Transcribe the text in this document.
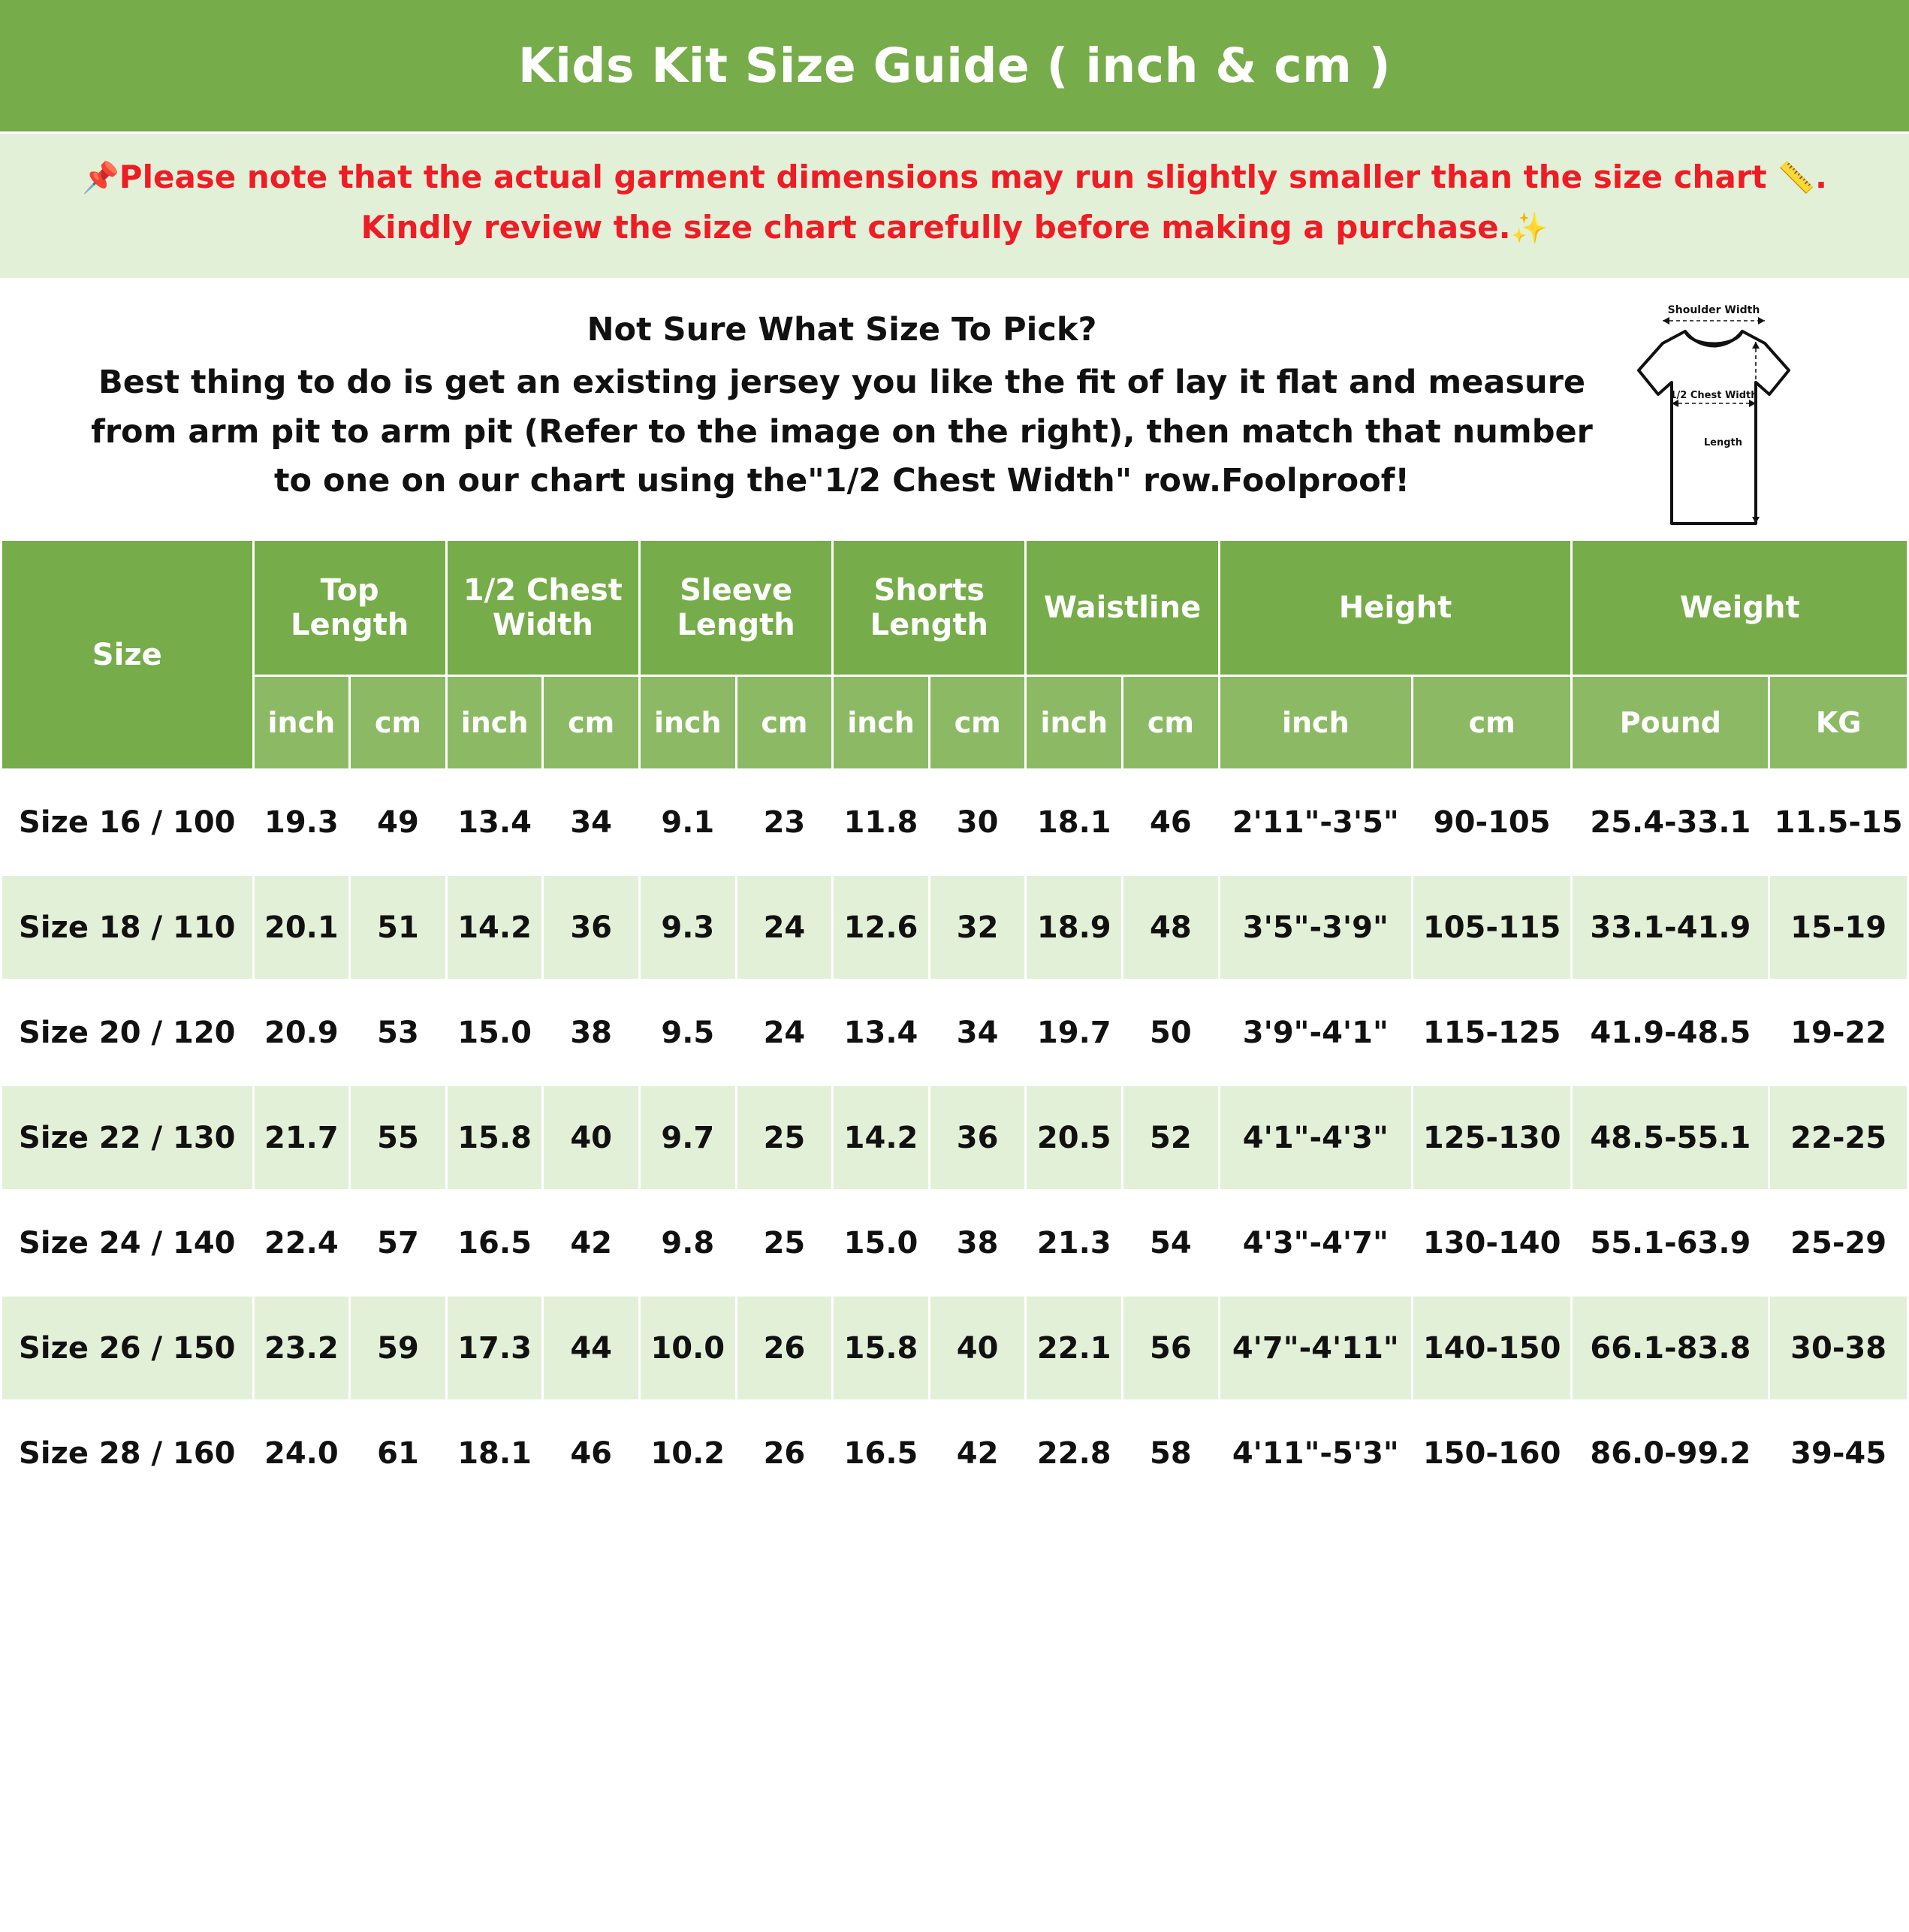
Kids Kit Size Guide ( inch & cm )
📌Please note that the actual garment dimensions may run slightly smaller than the size chart 📏.
Kindly review the size chart carefully before making a purchase.✨
Not Sure What Size To Pick?
Best thing to do is get an existing jersey you like the fit of lay it flat and measure
from arm pit to arm pit (Refer to the image on the right), then match that number
to one on our chart using the"1/2 Chest Width" row.Foolproof!
Shoulder Width
1/2 Chest Width
Length
Size	Top Length		1/2 Chest Width		Sleeve Length		Shorts Length		Waistline		Height		Weight	
	inch	cm	inch	cm	inch	cm	inch	cm	inch	cm	inch	cm	Pound	KG
Size 16 / 100	19.3	49	13.4	34	9.1	23	11.8	30	18.1	46	2'11"-3'5"	90-105	25.4-33.1	11.5-15
Size 18 / 110	20.1	51	14.2	36	9.3	24	12.6	32	18.9	48	3'5"-3'9"	105-115	33.1-41.9	15-19
Size 20 / 120	20.9	53	15.0	38	9.5	24	13.4	34	19.7	50	3'9"-4'1"	115-125	41.9-48.5	19-22
Size 22 / 130	21.7	55	15.8	40	9.7	25	14.2	36	20.5	52	4'1"-4'3"	125-130	48.5-55.1	22-25
Size 24 / 140	22.4	57	16.5	42	9.8	25	15.0	38	21.3	54	4'3"-4'7"	130-140	55.1-63.9	25-29
Size 26 / 150	23.2	59	17.3	44	10.0	26	15.8	40	22.1	56	4'7"-4'11"	140-150	66.1-83.8	30-38
Size 28 / 160	24.0	61	18.1	46	10.2	26	16.5	42	22.8	58	4'11"-5'3"	150-160	86.0-99.2	39-45
